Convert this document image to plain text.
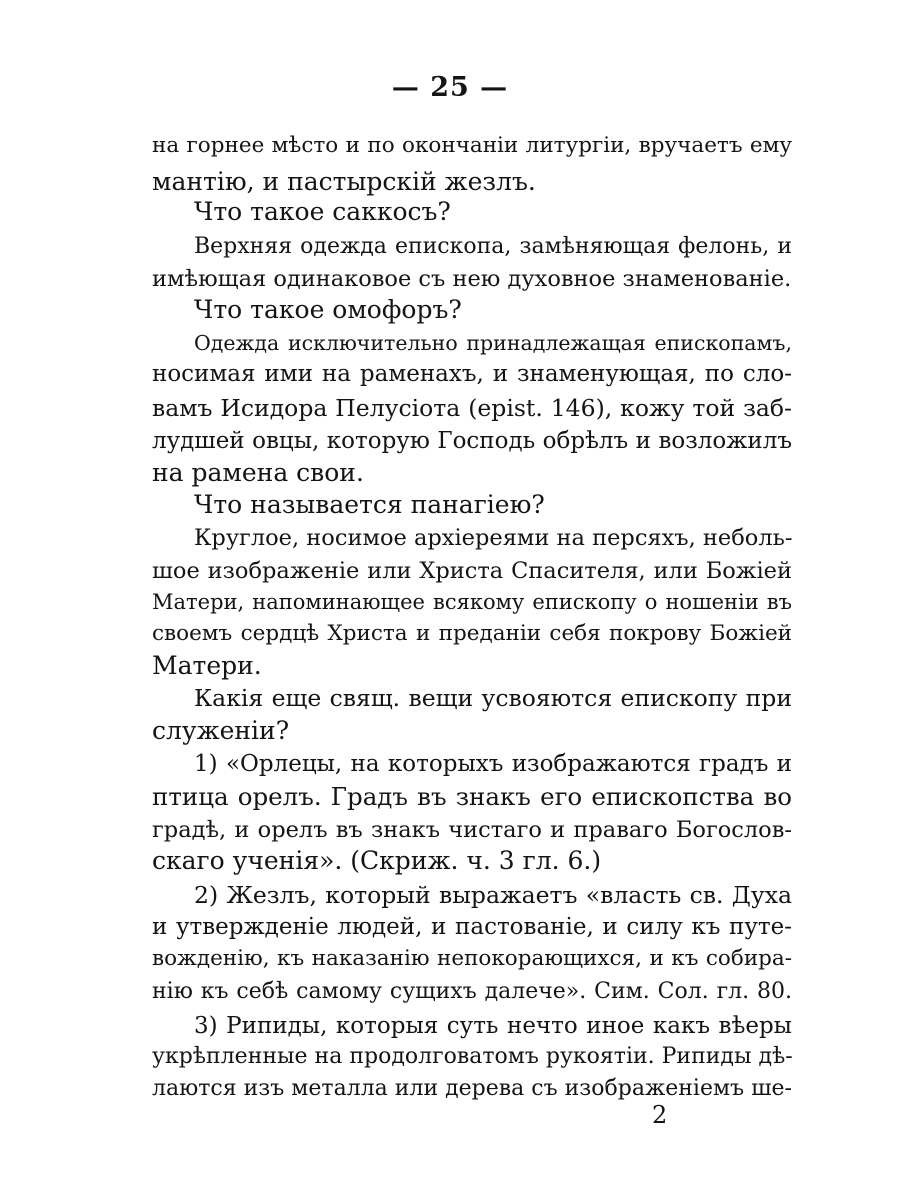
— 25 —
на горнее мѣсто и по окончаніи литургіи, вручаетъ ему
мантію, и пастырскій жезлъ.
Что такое саккосъ?
Верхняя одежда епископа, замѣняющая фелонь, и
имѣющая одинаковое съ нею духовное знаменованіе.
Что такое омофоръ?
Одежда исключительно принадлежащая епископамъ,
носимая ими на раменахъ, и знаменующая, по сло-
вамъ Исидора Пелусіота (epist. 146), кожу той заб-
лудшей овцы, которую Господь обрѣлъ и возложилъ
на рамена свои.
Что называется панагіею?
Круглое, носимое архіереями на персяхъ, неболь-
шое изображеніе или Христа Спасителя, или Божіей
Матери, напоминающее всякому епископу о ношеніи въ
своемъ сердцѣ Христа и преданіи себя покрову Божіей
Матери.
Какія еще свящ. вещи усвояются епископу при
служеніи?
1) «Орлецы, на которыхъ изображаются градъ и
птица орелъ. Градъ въ знакъ его епископства во
градѣ, и орелъ въ знакъ чистаго и праваго Богослов-
скаго ученія». (Скриж. ч. 3 гл. 6.)
2) Жезлъ, который выражаетъ «власть св. Духа
и утвержденіе людей, и пастованіе, и силу къ путе-
вожденію, къ наказанію непокорающихся, и къ собира-
нію къ себѣ самому сущихъ далече». Сим. Сол. гл. 80.
3) Рипиды, которыя суть нечто иное какъ вѣеры
укрѣпленные на продолговатомъ рукоятіи. Рипиды дѣ-
лаются изъ металла или дерева съ изображеніемъ ше-
2
